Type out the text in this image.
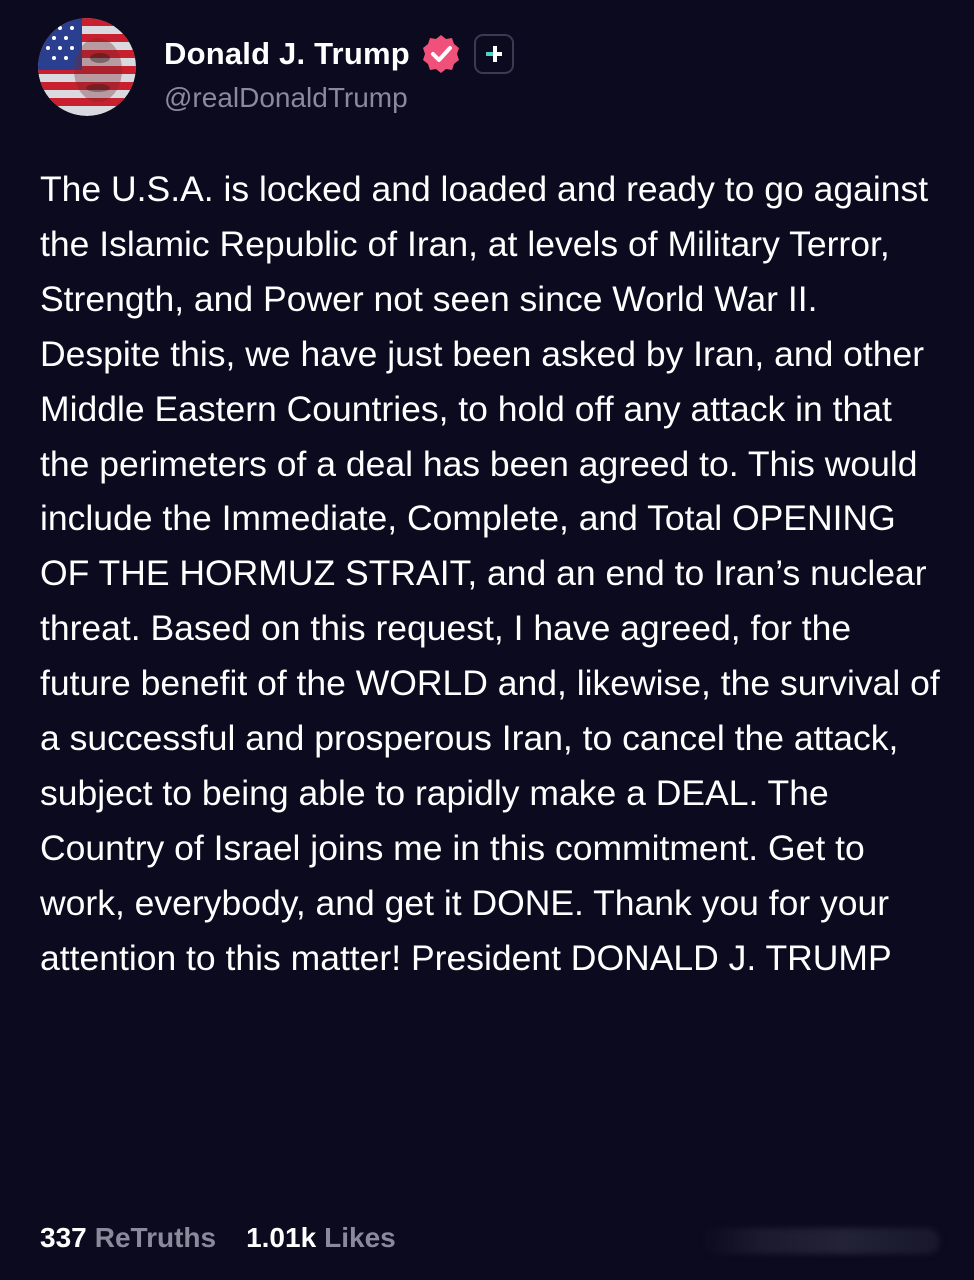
Donald J. Trump
@realDonaldTrump

The U.S.A. is locked and loaded and ready to go against the Islamic Republic of Iran, at levels of Military Terror, Strength, and Power not seen since World War II. Despite this, we have just been asked by Iran, and other Middle Eastern Countries, to hold off any attack in that the perimeters of a deal has been agreed to. This would include the Immediate, Complete, and Total OPENING OF THE HORMUZ STRAIT, and an end to Iran’s nuclear threat. Based on this request, I have agreed, for the future benefit of the WORLD and, likewise, the survival of a successful and prosperous Iran, to cancel the attack, subject to being able to rapidly make a DEAL. The Country of Israel joins me in this commitment. Get to work, everybody, and get it DONE. Thank you for your attention to this matter! President DONALD J. TRUMP

337 ReTruths 1.01k Likes
